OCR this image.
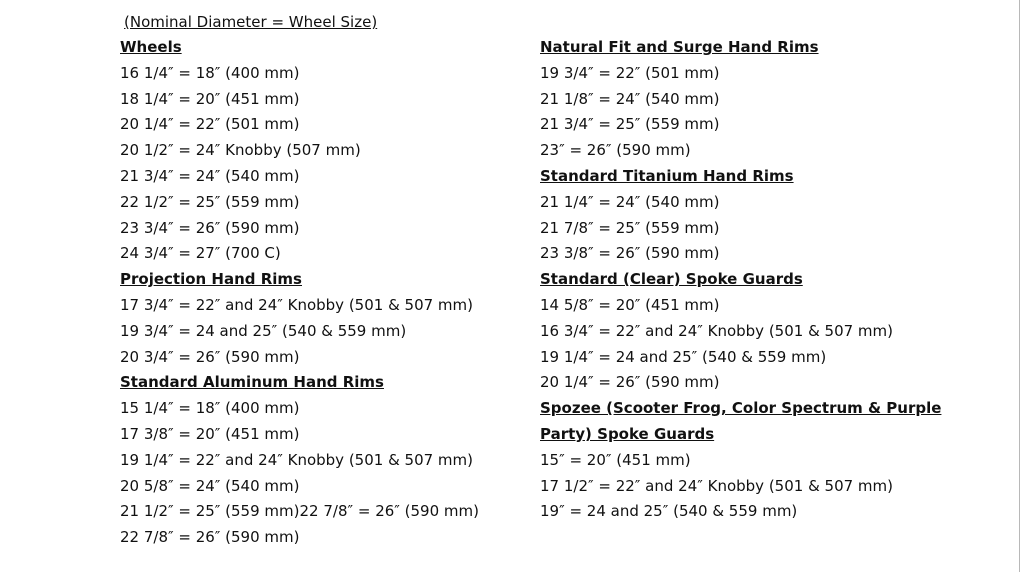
(Nominal Diameter = Wheel Size)
Wheels
16 1/4″ = 18″ (400 mm)
18 1/4″ = 20″ (451 mm)
20 1/4″ = 22″ (501 mm)
20 1/2″ = 24″ Knobby (507 mm)
21 3/4″ = 24″ (540 mm)
22 1/2″ = 25″ (559 mm)
23 3/4″ = 26″ (590 mm)
24 3/4″ = 27″ (700 C)
Projection Hand Rims
17 3/4″ = 22″ and 24″ Knobby (501 & 507 mm)
19 3/4″ = 24 and 25″ (540 & 559 mm)
20 3/4″ = 26″ (590 mm)
Standard Aluminum Hand Rims
15 1/4″ = 18″ (400 mm)
17 3/8″ = 20″ (451 mm)
19 1/4″ = 22″ and 24″ Knobby (501 & 507 mm)
20 5/8″ = 24″ (540 mm)
21 1/2″ = 25″ (559 mm)22 7/8″ = 26″ (590 mm)
22 7/8″ = 26″ (590 mm)
Natural Fit and Surge Hand Rims
19 3/4″ = 22″ (501 mm)
21 1/8″ = 24″ (540 mm)
21 3/4″ = 25″ (559 mm)
23″ = 26″ (590 mm)
Standard Titanium Hand Rims
21 1/4″ = 24″ (540 mm)
21 7/8″ = 25″ (559 mm)
23 3/8″ = 26″ (590 mm)
Standard (Clear) Spoke Guards
14 5/8″ = 20″ (451 mm)
16 3/4″ = 22″ and 24″ Knobby (501 & 507 mm)
19 1/4″ = 24 and 25″ (540 & 559 mm)
20 1/4″ = 26″ (590 mm)
Spozee (Scooter Frog, Color Spectrum & Purple
Party) Spoke Guards
15″ = 20″ (451 mm)
17 1/2″ = 22″ and 24″ Knobby (501 & 507 mm)
19″ = 24 and 25″ (540 & 559 mm)
